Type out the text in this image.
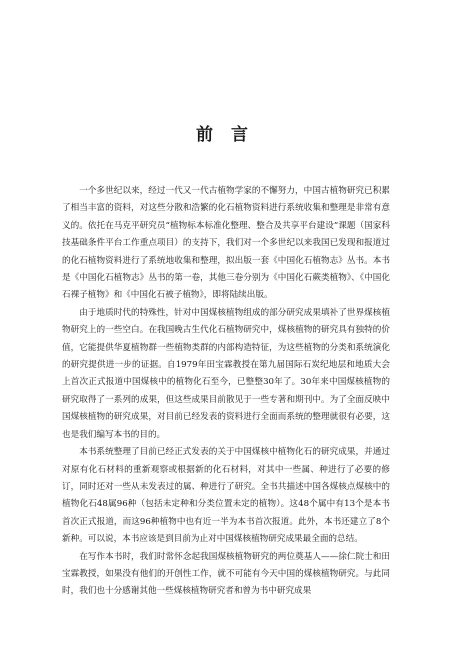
前 言

一个多世纪以来，经过一代又一代古植物学家的不懈努力，中国古植物研究已积累了相当丰富的资料，对这些分散和浩繁的化石植物资料进行系统收集和整理是非常有意义的。依托在马克平研究员“植物标本标准化整理、整合及共享平台建设”课题（国家科技基础条件平台工作重点项目）的支持下，我们对一个多世纪以来我国已发现和报道过的化石植物资料进行了系统地收集和整理，拟出版一套《中国化石植物志》丛书。本书是《中国化石植物志》丛书的第一卷，其他三卷分别为《中国化石蕨类植物》、《中国化石裸子植物》和《中国化石被子植物》，即将陆续出版。

由于地质时代的特殊性，针对中国煤核植物组成的部分研究成果填补了世界煤核植物研究上的一些空白。在我国晚古生代化石植物研究中，煤核植物的研究具有独特的价值，它能提供华夏植物群一些植物类群的内部构造特征，为这些植物的分类和系统演化的研究提供进一步的证据。自1979年田宝霖教授在第九届国际石炭纪地层和地质大会上首次正式报道中国煤核中的植物化石至今，已整整30年了。30年来中国煤核植物的研究取得了一系列的成果，但这些成果目前散见于一些专著和期刊中。为了全面反映中国煤核植物的研究成果，对目前已经发表的资料进行全面而系统的整理就很有必要，这也是我们编写本书的目的。

本书系统整理了目前已经正式发表的关于中国煤核中植物化石的研究成果，并通过对原有化石材料的重新观察或根据新的化石材料，对其中一些属、种进行了必要的修订，同时还对一些从未发表过的属、种进行了研究。全书共描述中国各煤核点煤核中的植物化石48属96种（包括未定种和分类位置未定的植物）。这48个属中有13个是本书首次正式报道，而这96种植物中也有近一半为本书首次报道。此外，本书还建立了8个新种。可以说，本书应该是到目前为止对中国煤核植物研究成果最全面的总结。

在写作本书时，我们时常怀念起我国煤核植物研究的两位奠基人——徐仁院士和田宝霖教授，如果没有他们的开创性工作，就不可能有今天中国的煤核植物研究。与此同时，我们也十分感谢其他一些煤核植物研究者和曾为书中研究成果
